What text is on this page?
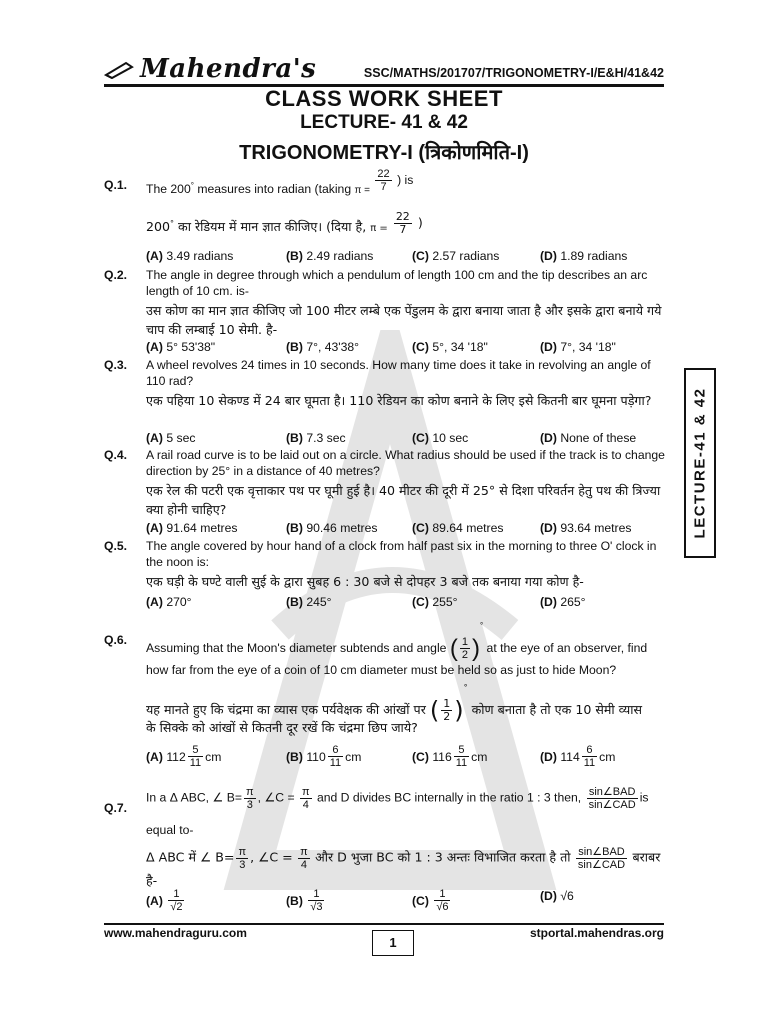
Mahendra's	SSC/MATHS/201707/TRIGONOMETRY-I/E&H/41&42
CLASS WORK SHEET
LECTURE- 41 & 42
TRIGONOMETRY-I (त्रिकोणमिति-I)
Q.1. The 200° measures into radian (taking $_{\pi =} \frac{22}{7}$ ) is
200° का रेडियम में मान ज्ञात कीजिए। (दिया है, $_{\pi =} \frac{22}{7}$ )
(A) 3.49 radians	(B) 2.49 radians	(C) 2.57 radians	(D) 1.89 radians
Q.2. The angle in degree through which a pendulum of length 100 cm and the tip describes an arc length of 10 cm. is-
उस कोण का मान ज्ञात कीजिए जो 100 मीटर लम्बे एक पेंडुलम के द्वारा बनाया जाता है और इसके द्वारा बनाये गये चाप की लम्बाई 10 सेमी. है-
(A) 5° 53'38"	(B) 7°, 43'38°	(C) 5°, 34 '18"	(D) 7°, 34 '18"
Q.3. A wheel revolves 24 times in 10 seconds. How many time does it take in revolving an angle of 110 rad?
एक पहिया 10 सेकण्ड में 24 बार घूमता है। 110 रेडियन का कोण बनाने के लिए इसे कितनी बार घूमना पड़ेगा?
(A) 5 sec	(B) 7.3 sec	(C) 10 sec	(D) None of these
Q.4. A rail road curve is to be laid out on a circle. What radius should be used if the track is to change direction by 25° in a distance of 40 metres?
एक रेल की पटरी एक वृत्ताकार पथ पर घूमी हुई है। 40 मीटर की दूरी में 25° से दिशा परिवर्तन हेतु पथ की त्रिज्या क्या होनी चाहिए?
(A) 91.64 metres	(B) 90.46 metres	(C) 89.64 metres	(D) 93.64 metres
Q.5. The angle covered by hour hand of a clock from half past six in the morning to three O' clock in the noon is:
एक घड़ी के घण्टे वाली सुई के द्वारा सुबह 6 : 30 बजे से दोपहर 3 बजे तक बनाया गया कोण है-
(A) 270°	(B) 245°	(C) 255°	(D) 265°
Q.6.
Assuming that the Moon's diameter subtends and angle ( $\frac{1}{2} )^\circ$ at the eye of an observer, find
how far from the eye of a coin of 10 cm diameter must be held so as just to hide Moon?
यह मानते हुए कि चंद्रमा का व्यास एक पर्यवेक्षक की आंखों पर ( $\frac{1}{2} )^\circ$ कोण बनाता है तो एक 10 सेमी व्यास
के सिक्के को आंखों से कितनी दूर रखें कि चंद्रमा छिप जाये?
(A)
$112 \frac{5}{11}$ cm	(B)
$110 \frac{6}{11}$ cm	(C)
$116 \frac{5}{11}$ cm	(D)
$114 \frac{6}{11}$ cm
Q.7.
In a Δ ABC, ∠ $B= \frac{\pi}{3}$ , ∠C = $\frac{\pi}{4}$ and D divides BC internally in the ratio 1 : 3 then, $\frac{\text{sin∠BAD}}{\text{sin∠CAD}}$ is
equal to-
Δ ABC में ∠ $B= \frac{\pi}{3}$ , ∠C = $\frac{\pi}{4}$ और D भुजा BC को 1 : 3 अन्तः विभाजित करता है तो $\frac{\text{sin∠BAD}}{\text{sin∠CAD}}$ बराबर है-
(A)
$\frac{1}{√2}$	(B)
$\frac{1}{√3}$	(C)
$\frac{1}{√6}$	(D)
√6
LECTURE-41 & 42
www.mahendraguru.com
1
stportal.mahendras.org
